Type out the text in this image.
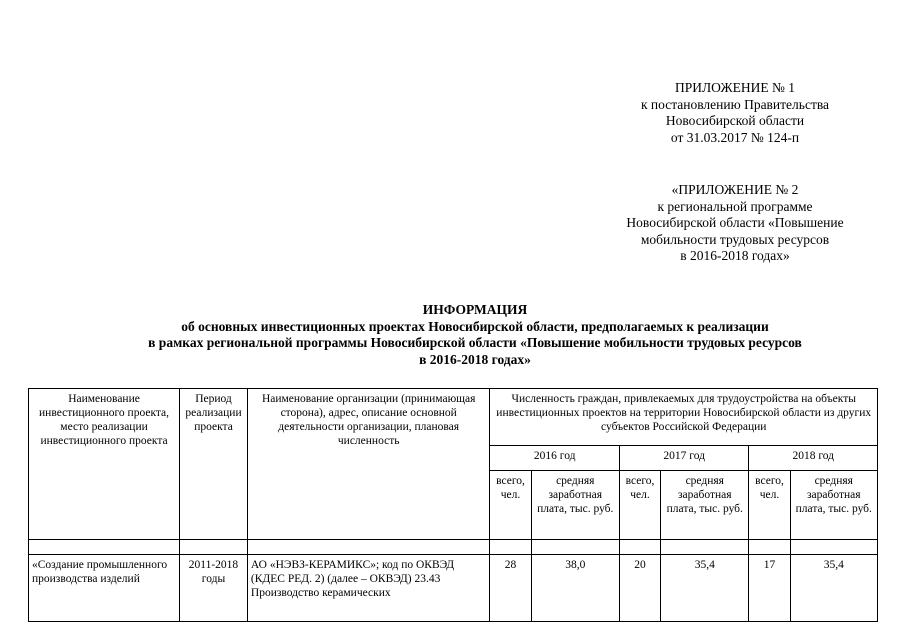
ПРИЛОЖЕНИЕ № 1
к постановлению Правительства
Новосибирской области
от 31.03.2017 № 124-п
«ПРИЛОЖЕНИЕ № 2
к региональной программе
Новосибирской области «Повышение
мобильности трудовых ресурсов
в 2016-2018 годах»
ИНФОРМАЦИЯ
об основных инвестиционных проектах Новосибирской области, предполагаемых к реализации
в рамках региональной программы Новосибирской области «Повышение мобильности трудовых ресурсов
в 2016-2018 годах»
Наименование инвестиционного проекта, место реализации инвестиционного проекта	Период реализации проекта	Наименование организации (принимающая сторона), адрес, описание основной деятельности организации, плановая численность	Численность граждан, привлекаемых для трудоустройства на объекты инвестиционных проектов на территории Новосибирской области из других субъектов Российской Федерации					
			2016 год		2017 год		2018 год	
			всего, чел.	средняя заработная плата, тыс. руб.	всего, чел.	средняя заработная плата, тыс. руб.	всего, чел.	средняя заработная плата, тыс. руб.

«Создание промышленного производства изделий	2011-2018 годы	АО «НЭВЗ-КЕРАМИКС»; код по ОКВЭД (КДЕС РЕД. 2) (далее – ОКВЭД) 23.43 Производство керамических	28	38,0	20	35,4	17	35,4
